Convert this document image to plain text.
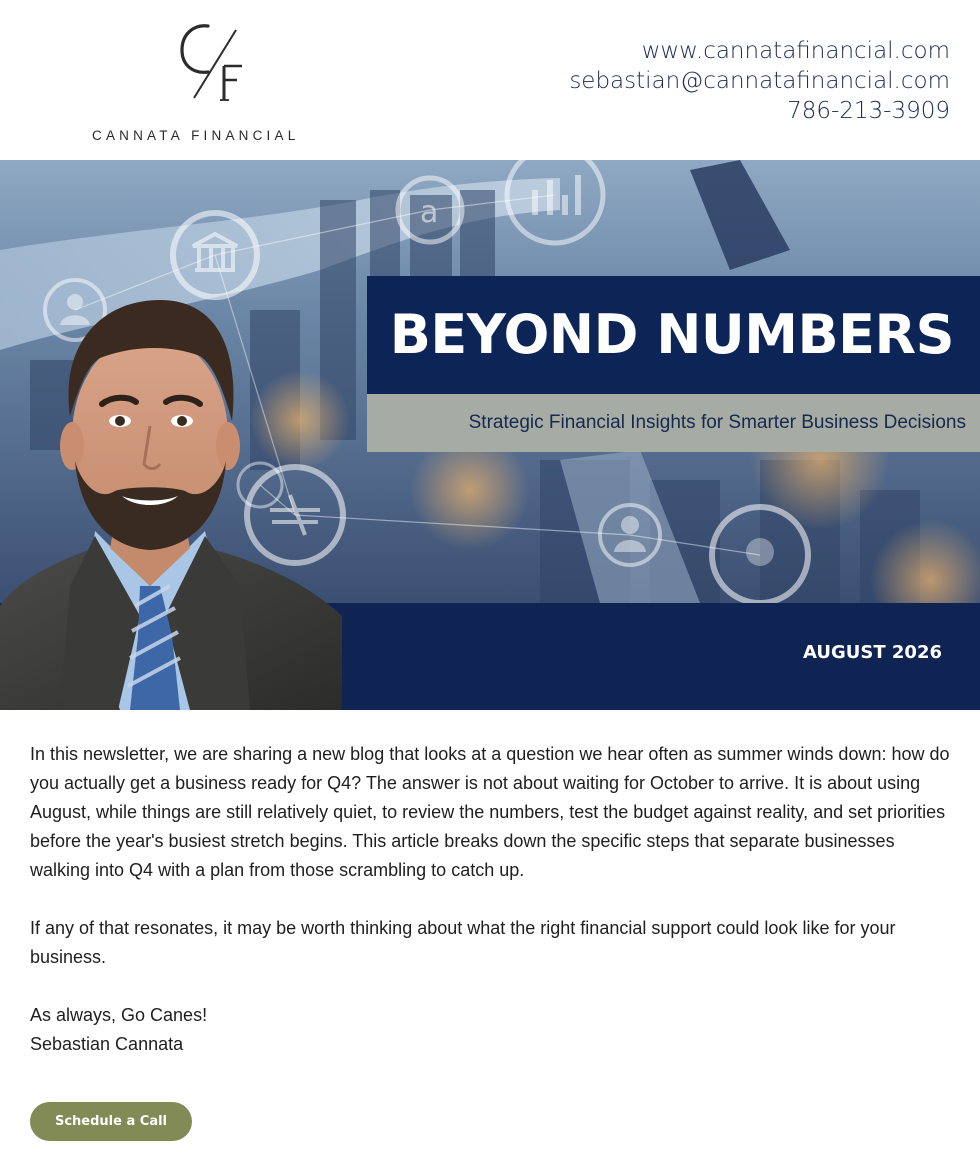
CANNATA FINANCIAL
www.cannatafinancial.com
sebastian@cannatafinancial.com
786-213-3909
a
BEYOND NUMBERS
Strategic Financial Insights for Smarter Business Decisions
AUGUST 2026

In this newsletter, we are sharing a new blog that looks at a question we hear often as summer winds down: how do you actually get a business ready for Q4? The answer is not about waiting for October to arrive. It is about using August, while things are still relatively quiet, to review the numbers, test the budget against reality, and set priorities before the year's busiest stretch begins. This article breaks down the specific steps that separate businesses walking into Q4 with a plan from those scrambling to catch up.

If any of that resonates, it may be worth thinking about what the right financial support could look like for your business.

As always, Go Canes!
Sebastian Cannata
Schedule a Call
